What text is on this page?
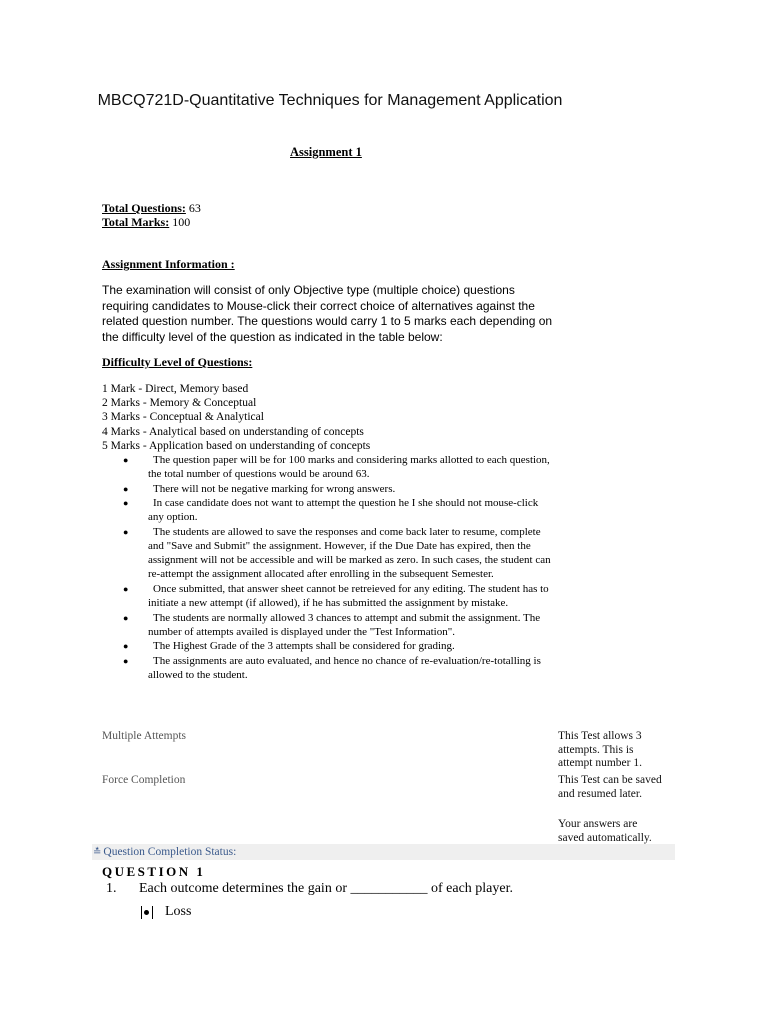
MBCQ721D-Quantitative Techniques for Management Application
Assignment 1
Total Questions: 63
Total Marks: 100
Assignment Information :
The examination will consist of only Objective type (multiple choice) questions requiring candidates to Mouse-click their correct choice of alternatives against the related question number. The questions would carry 1 to 5 marks each depending on the difficulty level of the question as indicated in the table below:
Difficulty Level of Questions:
1 Mark - Direct, Memory based
2 Marks - Memory & Conceptual
3 Marks - Conceptual & Analytical
4 Marks - Analytical based on understanding of concepts
5 Marks - Application based on understanding of concepts
●	The question paper will be for 100 marks and considering marks allotted to each question, the total number of questions would be around 63.
●	There will not be negative marking for wrong answers.
●	In case candidate does not want to attempt the question he I she should not mouse-click any option.
●	The students are allowed to save the responses and come back later to resume, complete and "Save and Submit" the assignment. However, if the Due Date has expired, then the assignment will not be accessible and will be marked as zero. In such cases, the student can re-attempt the assignment allocated after enrolling in the subsequent Semester.
●	Once submitted, that answer sheet cannot be retreieved for any editing. The student has to initiate a new attempt (if allowed), if he has submitted the assignment by mistake.
●	The students are normally allowed 3 chances to attempt and submit the assignment. The number of attempts availed is displayed under the "Test Information".
●	The Highest Grade of the 3 attempts shall be considered for grading.
●	The assignments are auto evaluated, and hence no chance of re-evaluation/re-totalling is allowed to the student.
Multiple Attempts	This Test allows 3 attempts. This is attempt number 1.
Force Completion	This Test can be saved and resumed later.
Your answers are saved automatically.
≛ Question Completion Status:
QUESTION 1
1. Each outcome determines the gain or ___________ of each player.
Loss
